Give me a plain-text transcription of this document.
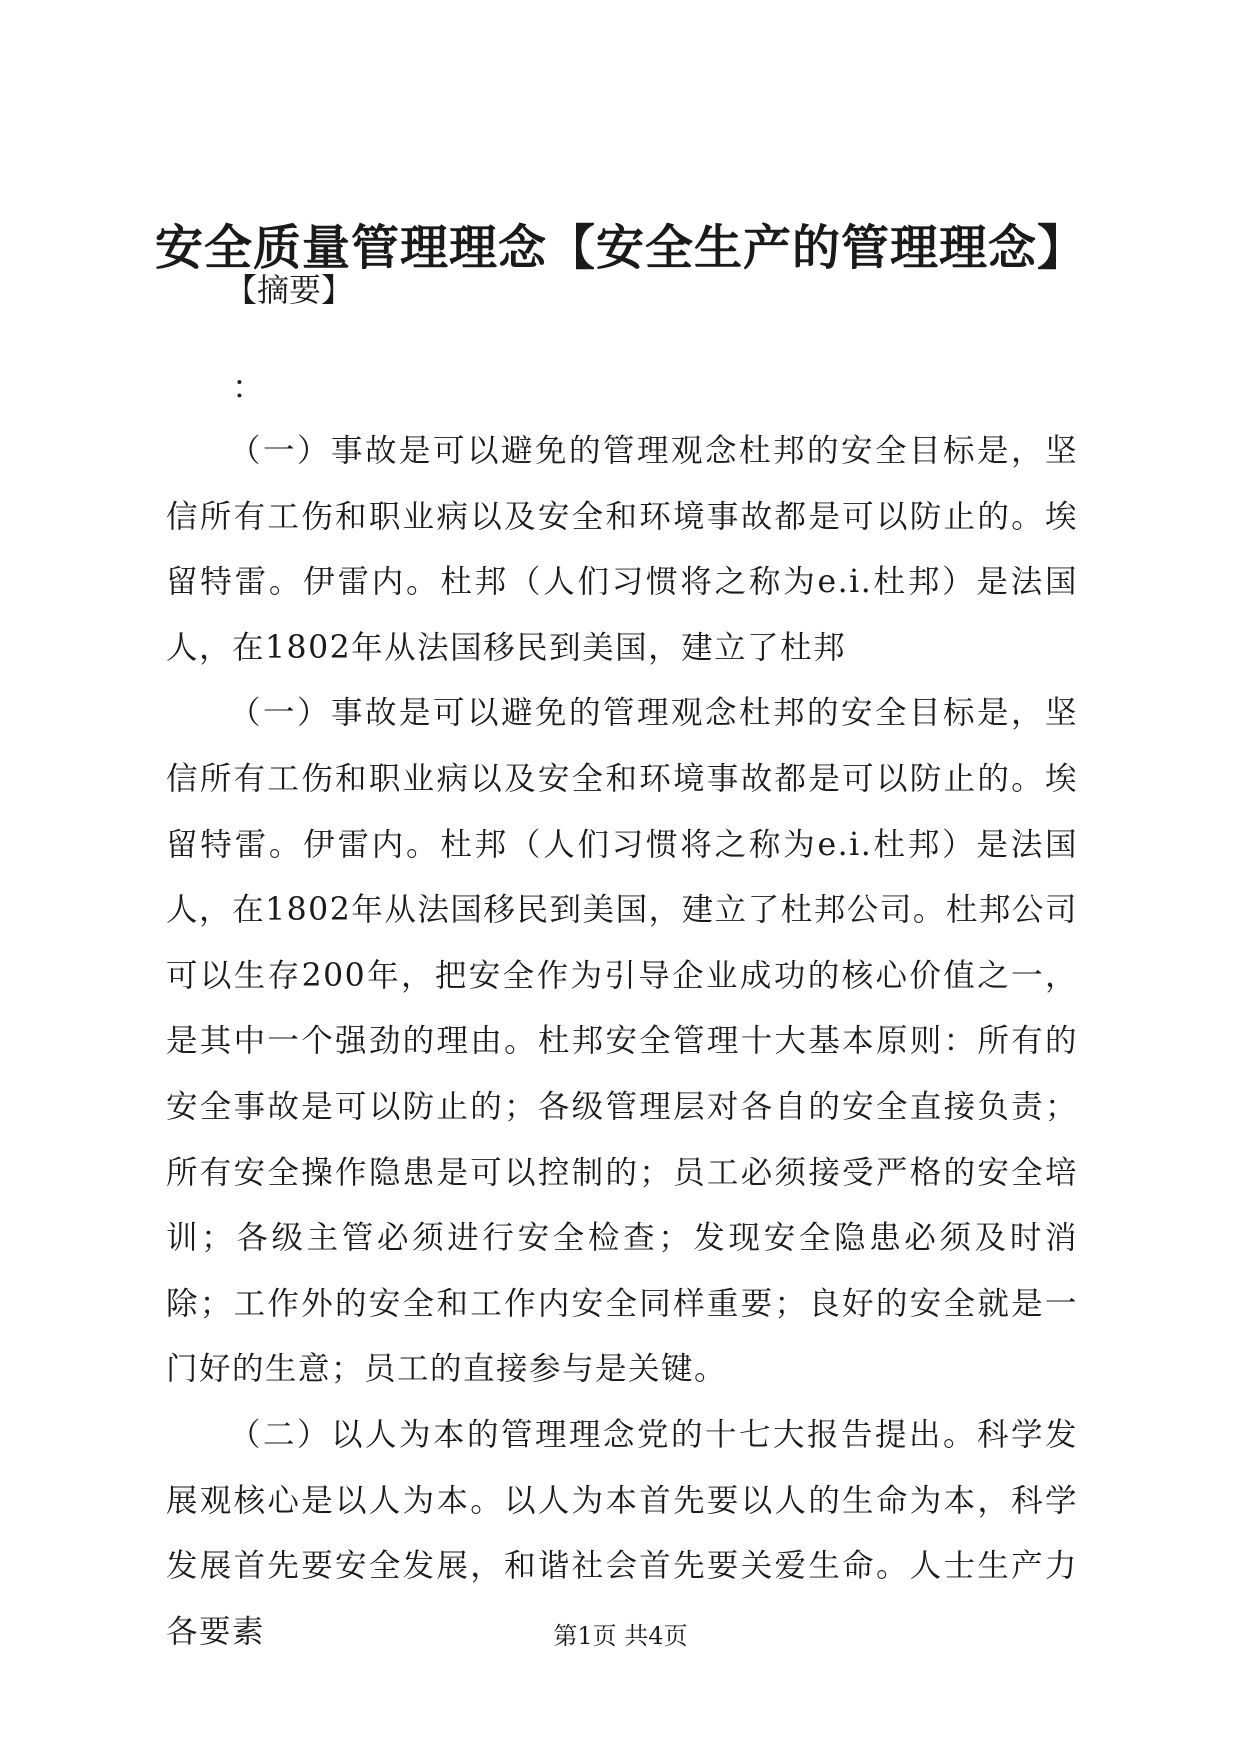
安全质量管理理念【安全生产的管理理念】
【摘要】
：

（一）事故是可以避免的管理观念杜邦的安全目标是，坚信所有工伤和职业病以及安全和环境事故都是可以防止的。埃留特雷。伊雷内。杜邦（人们习惯将之称为e.i.杜邦）是法国人，在1802年从法国移民到美国，建立了杜邦

（一）事故是可以避免的管理观念杜邦的安全目标是，坚信所有工伤和职业病以及安全和环境事故都是可以防止的。埃留特雷。伊雷内。杜邦（人们习惯将之称为e.i.杜邦）是法国人，在1802年从法国移民到美国，建立了杜邦公司。杜邦公司可以生存200年，把安全作为引导企业成功的核心价值之一，是其中一个强劲的理由。杜邦安全管理十大基本原则：所有的安全事故是可以防止的；各级管理层对各自的安全直接负责；所有安全操作隐患是可以控制的；员工必须接受严格的安全培训；各级主管必须进行安全检查；发现安全隐患必须及时消除；工作外的安全和工作内安全同样重要；良好的安全就是一门好的生意；员工的直接参与是关键。

（二）以人为本的管理理念党的十七大报告提出。科学发展观核心是以人为本。以人为本首先要以人的生命为本，科学发展首先要安全发展，和谐社会首先要关爱生命。人士生产力各要素	第1页 共4页
